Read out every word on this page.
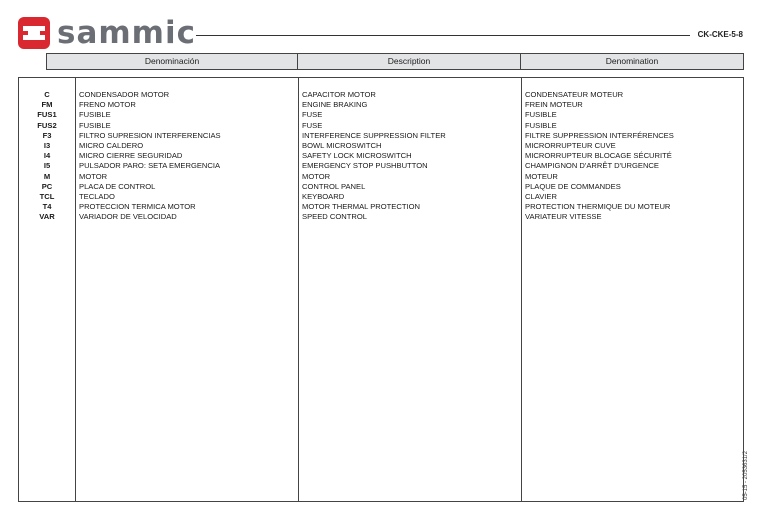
sammic	CK-CKE-5-8
Denominación	Description	Denomination
C	CONDENSADOR MOTOR	CAPACITOR MOTOR	CONDENSATEUR MOTEUR
FM	FRENO MOTOR	ENGINE BRAKING	FREIN MOTEUR
FUS1	FUSIBLE	FUSE	FUSIBLE
FUS2	FUSIBLE	FUSE	FUSIBLE
F3	FILTRO SUPRESION INTERFERENCIAS	INTERFERENCE SUPPRESSION FILTER	FILTRE SUPPRESSION INTERFÉRENCES
I3	MICRO CALDERO	BOWL MICROSWITCH	MICRORRUPTEUR CUVE
I4	MICRO CIERRE SEGURIDAD	SAFETY LOCK MICROSWITCH	MICRORRUPTEUR BLOCAGE SÉCURITÉ
I5	PULSADOR PARO: SETA EMERGENCIA	EMERGENCY STOP PUSHBUTTON	CHAMPIGNON D'ARRÊT D'URGENCE
M	MOTOR	MOTOR	MOTEUR
PC	PLACA DE CONTROL	CONTROL PANEL	PLAQUE DE COMMANDES
TCL	TECLADO	KEYBOARD	CLAVIER
T4	PROTECCION TERMICA MOTOR	MOTOR THERMAL PROTECTION	PROTECTION THERMIQUE DU MOTEUR
VAR	VARIADOR DE VELOCIDAD	SPEED CONTROL	VARIATEUR VITESSE
05-15 - 2053631/2
